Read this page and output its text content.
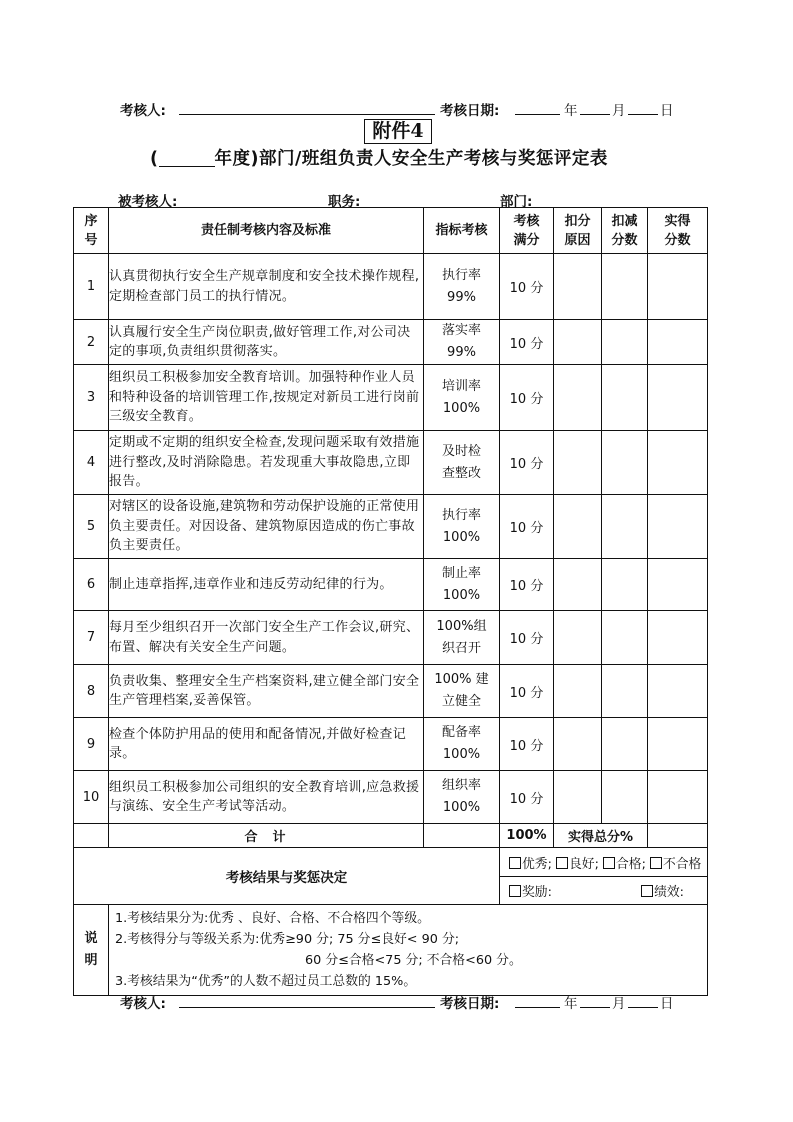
考核人:	考核日期:	年	月	日
附件4
(	年度)部门/班组负责人安全生产考核与奖惩评定表
被考核人:	职务:	部门:
序号	责任制考核内容及标准	指标考核	考核满分	扣分原因	扣减分数	实得分数
1	认真贯彻执行安全生产规章制度和安全技术操作规程,定期检查部门员工的执行情况。	执行率 99%	10 分			
2	认真履行安全生产岗位职责,做好管理工作,对公司决定的事项,负责组织贯彻落实。	落实率 99%	10 分			
3	组织员工积极参加安全教育培训。加强特种作业人员和特种设备的培训管理工作,按规定对新员工进行岗前三级安全教育。	培训率 100%	10 分			
4	定期或不定期的组织安全检查,发现问题采取有效措施进行整改,及时消除隐患。若发现重大事故隐患,立即报告。	及时检查整改	10 分			
5	对辖区的设备设施,建筑物和劳动保护设施的正常使用负主要责任。对因设备、建筑物原因造成的伤亡事故负主要责任。	执行率 100%	10 分			
6	制止违章指挥,违章作业和违反劳动纪律的行为。	制止率 100%	10 分			
7	每月至少组织召开一次部门安全生产工作会议,研究、布置、解决有关安全生产问题。	100%组织召开	10 分			
8	负责收集、整理安全生产档案资料,建立健全部门安全生产管理档案,妥善保管。	100% 建立健全	10 分			
9	检查个体防护用品的使用和配备情况,并做好检查记录。	配备率 100%	10 分			
10	组织员工积极参加公司组织的安全教育培训,应急救援与演练、安全生产考试等活动。	组织率 100%	10 分			
	合  计		100%	实得总分%		
考核结果与奖惩决定			优秀; 良好; 合格; 不合格			
			奖励: 绩效:			
说明	1.考核结果分为:优秀 、良好、合格、不合格四个等级。
2.考核得分与等级关系为:优秀≥90 分; 75 分≤良好< 90 分;
60 分≤合格<75 分; 不合格<60 分。
3.考核结果为“优秀”的人数不超过员工总数的 15%。					
考核人:	考核日期:	年	月	日
